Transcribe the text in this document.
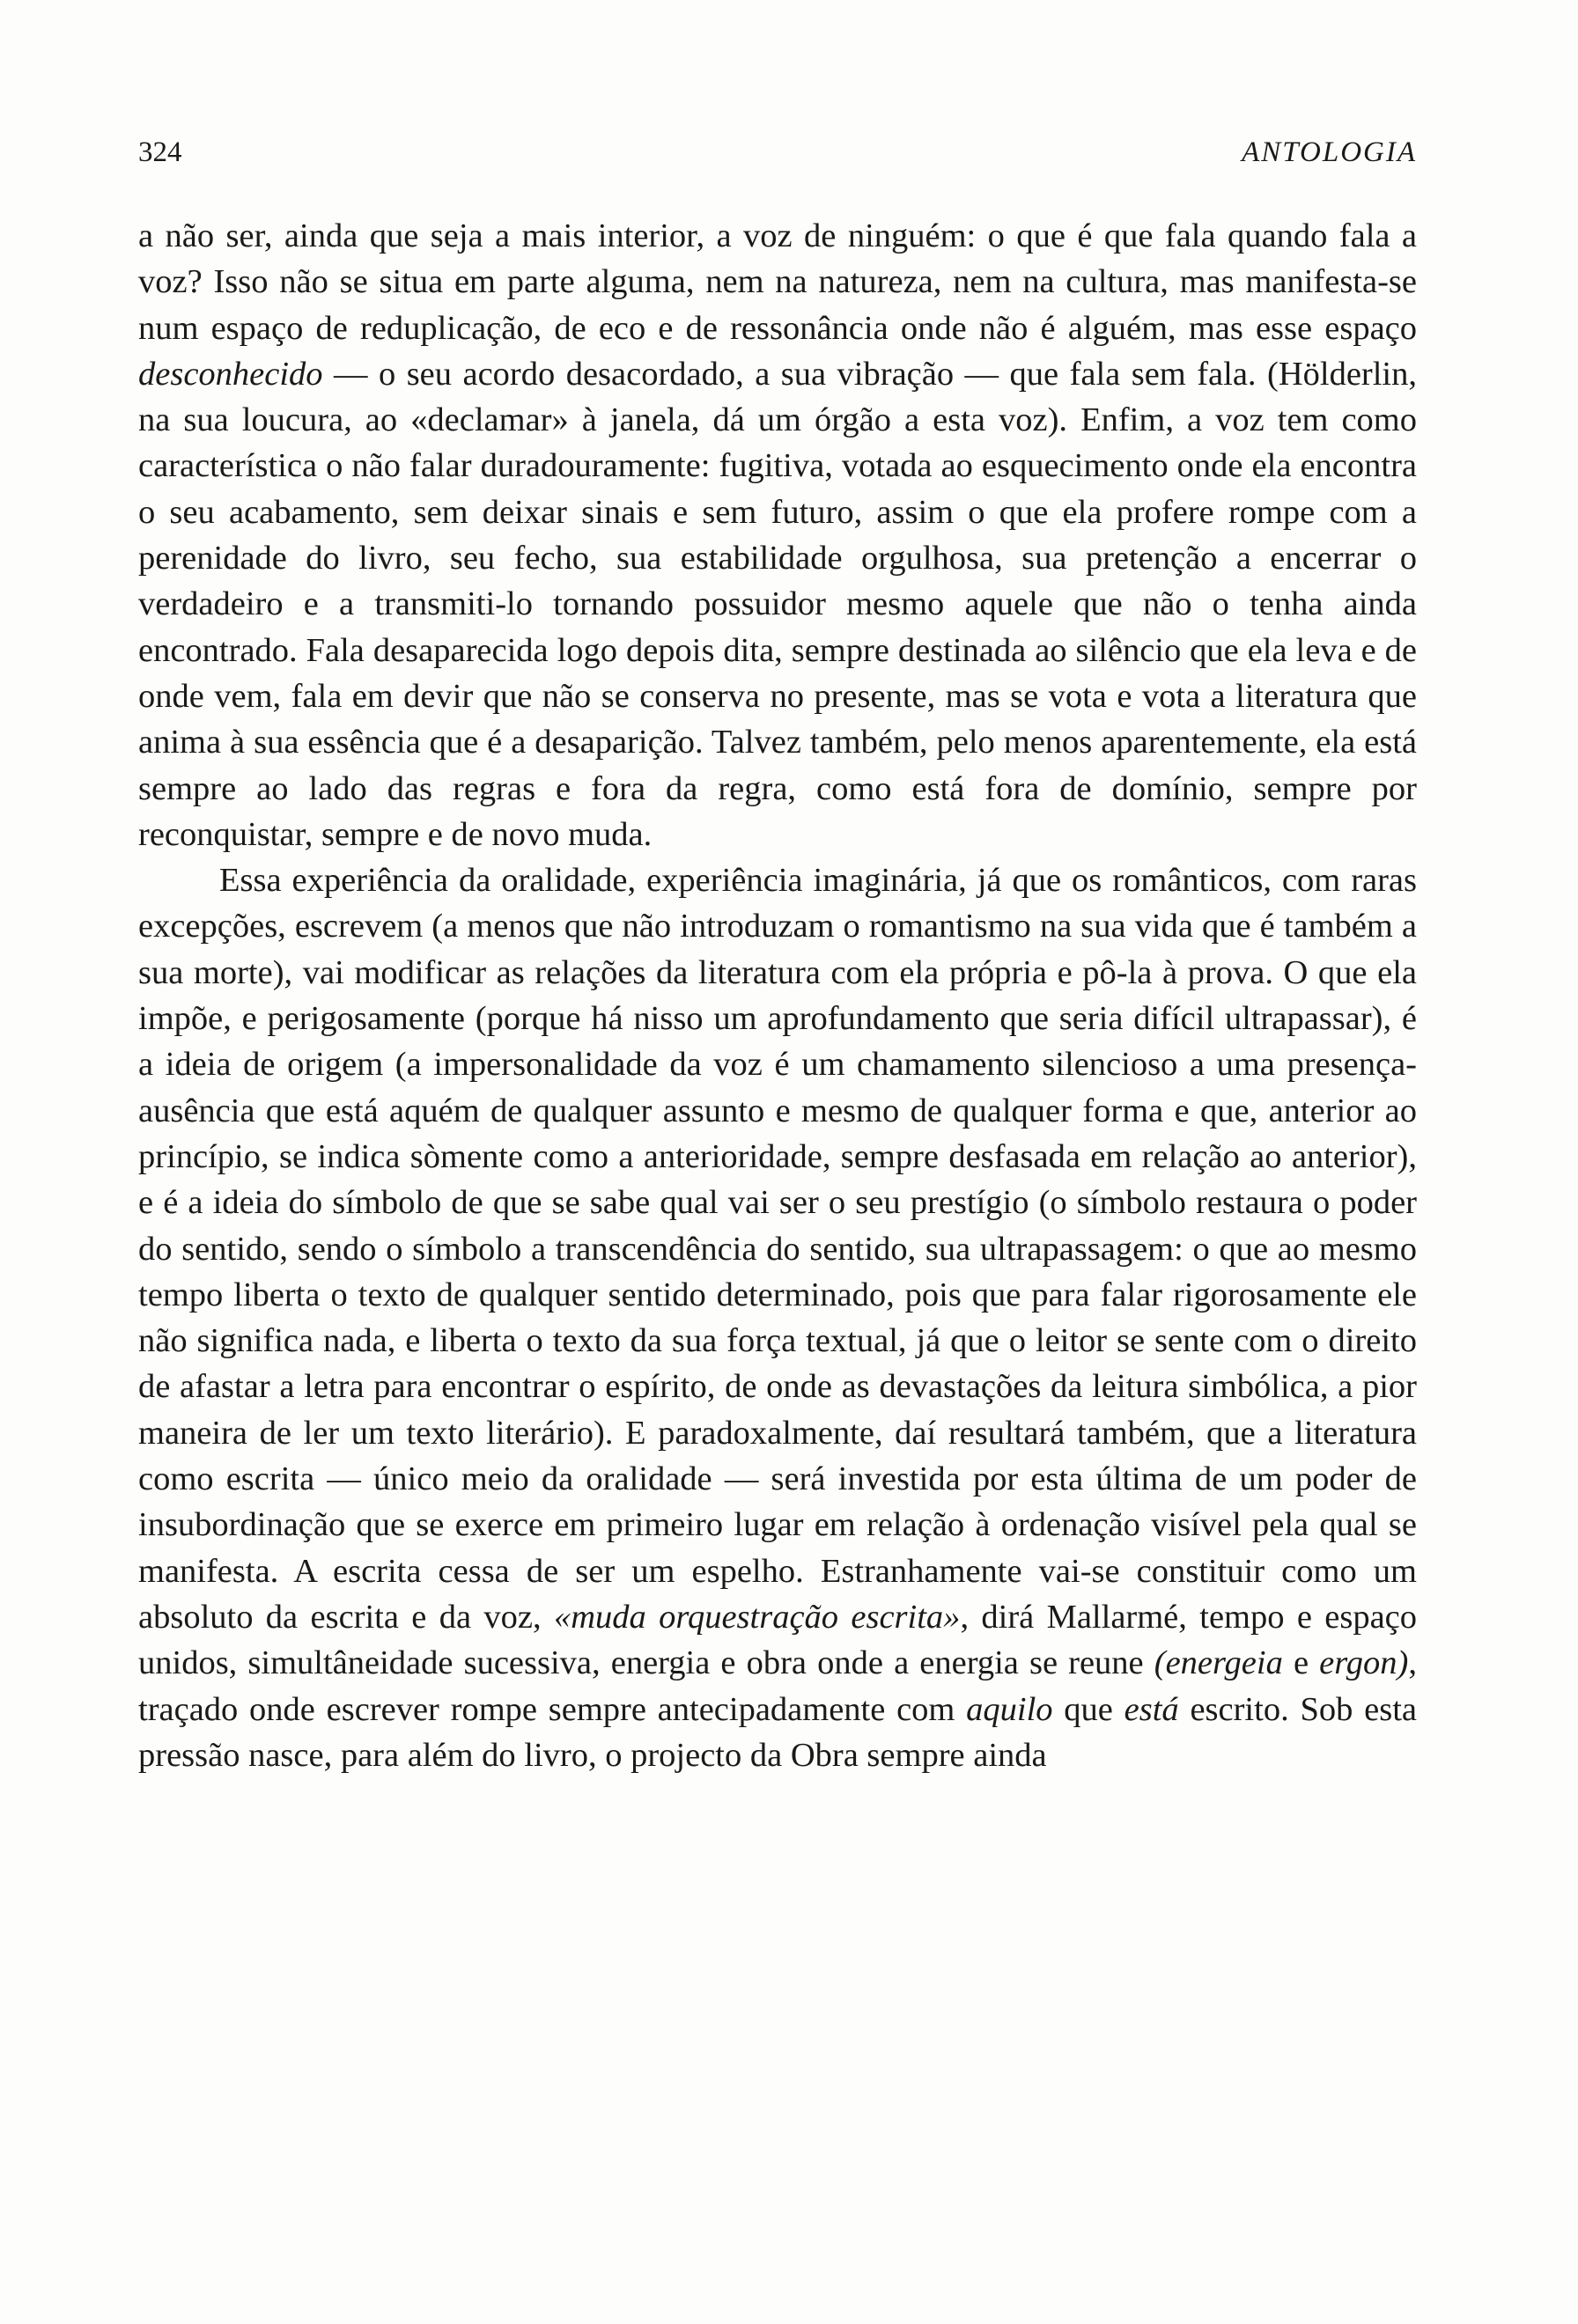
324	ANTOLOGIA

a não ser, ainda que seja a mais interior, a voz de ninguém: o que é que fala quando fala a voz? Isso não se situa em parte alguma, nem na natureza, nem na cultura, mas manifesta-se num espaço de reduplicação, de eco e de ressonância onde não é alguém, mas esse espaço desconhecido — o seu acordo desacordado, a sua vibração — que fala sem fala. (Hölderlin, na sua loucura, ao «declamar» à janela, dá um órgão a esta voz). Enfim, a voz tem como característica o não falar duradouramente: fugitiva, votada ao esquecimento onde ela encontra o seu acabamento, sem deixar sinais e sem futuro, assim o que ela profere rompe com a perenidade do livro, seu fecho, sua estabilidade orgulhosa, sua pretenção a encerrar o verdadeiro e a transmiti-lo tornando possuidor mesmo aquele que não o tenha ainda encontrado. Fala desaparecida logo depois dita, sempre destinada ao silêncio que ela leva e de onde vem, fala em devir que não se conserva no presente, mas se vota e vota a literatura que anima à sua essência que é a desaparição. Talvez também, pelo menos aparentemente, ela está sempre ao lado das regras e fora da regra, como está fora de domínio, sempre por reconquistar, sempre e de novo muda.

Essa experiência da oralidade, experiência imaginária, já que os românticos, com raras excepções, escrevem (a menos que não introduzam o romantismo na sua vida que é também a sua morte), vai modificar as relações da literatura com ela própria e pô-la à prova. O que ela impõe, e perigosamente (porque há nisso um aprofundamento que seria difícil ultrapassar), é a ideia de origem (a impersonalidade da voz é um chamamento silencioso a uma presença-ausência que está aquém de qualquer assunto e mesmo de qualquer forma e que, anterior ao princípio, se indica sòmente como a anterioridade, sempre desfasada em relação ao anterior), e é a ideia do símbolo de que se sabe qual vai ser o seu prestígio (o símbolo restaura o poder do sentido, sendo o símbolo a transcendência do sentido, sua ultrapassagem: o que ao mesmo tempo liberta o texto de qualquer sentido determinado, pois que para falar rigorosamente ele não significa nada, e liberta o texto da sua força textual, já que o leitor se sente com o direito de afastar a letra para encontrar o espírito, de onde as devastações da leitura simbólica, a pior maneira de ler um texto literário). E paradoxalmente, daí resultará também, que a literatura como escrita — único meio da oralidade — será investida por esta última de um poder de insubordinação que se exerce em primeiro lugar em relação à ordenação visível pela qual se manifesta. A escrita cessa de ser um espelho. Estranhamente vai-se constituir como um absoluto da escrita e da voz, «muda orquestração escrita», dirá Mallarmé, tempo e espaço unidos, simultâneidade sucessiva, energia e obra onde a energia se reune (energeia e ergon), traçado onde escrever rompe sempre antecipadamente com aquilo que está escrito. Sob esta pressão nasce, para além do livro, o projecto da Obra sempre ainda
